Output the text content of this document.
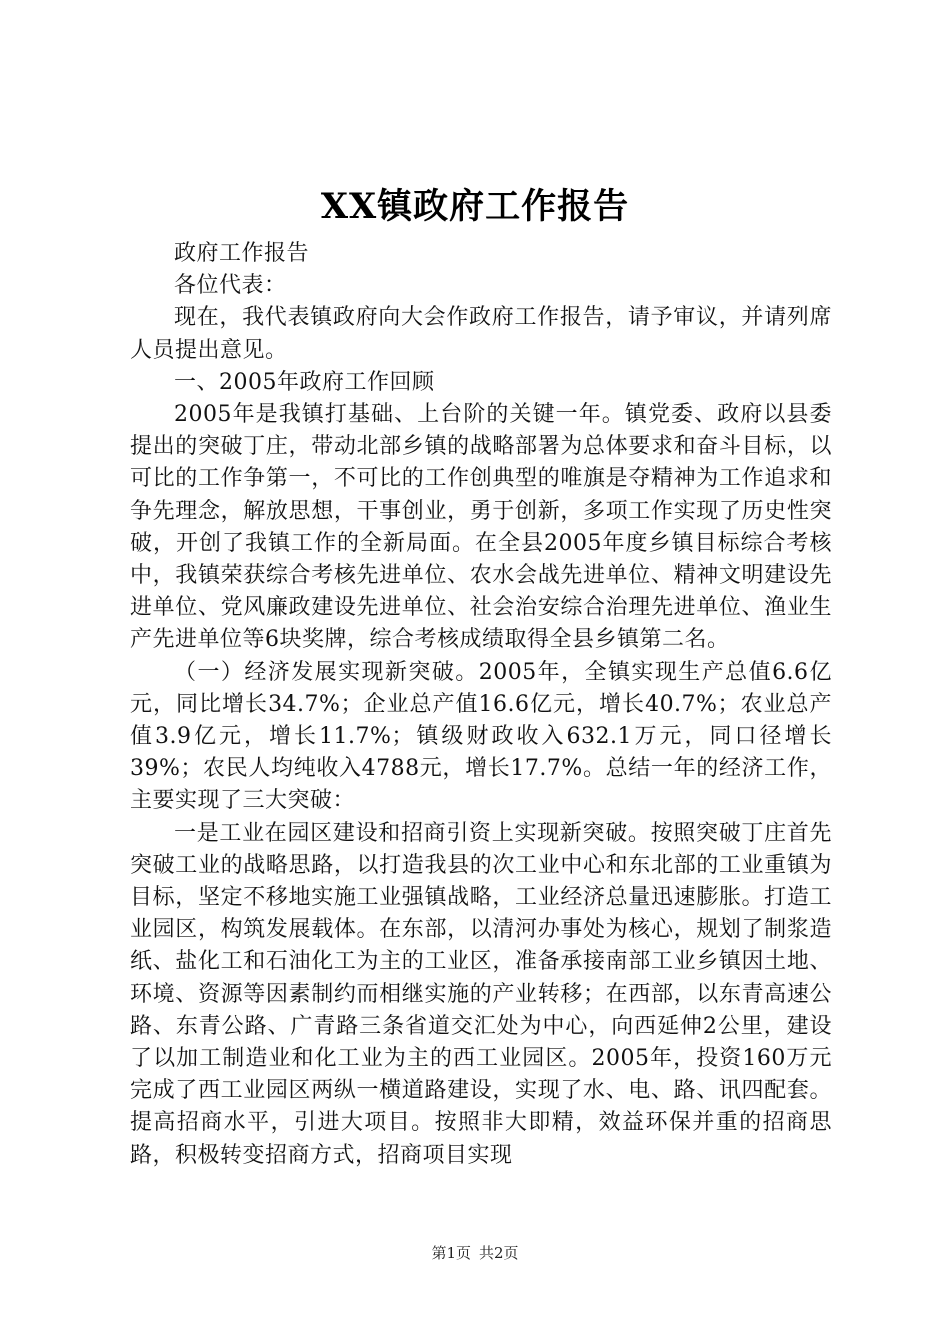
XX镇政府工作报告

政府工作报告

各位代表：

现在，我代表镇政府向大会作政府工作报告，请予审议，并请列席人员提出意见。

一、2005年政府工作回顾

2005年是我镇打基础、上台阶的关键一年。镇党委、政府以县委提出的突破丁庄，带动北部乡镇的战略部署为总体要求和奋斗目标，以可比的工作争第一，不可比的工作创典型的唯旗是夺精神为工作追求和争先理念，解放思想，干事创业，勇于创新，多项工作实现了历史性突破，开创了我镇工作的全新局面。在全县2005年度乡镇目标综合考核中，我镇荣获综合考核先进单位、农水会战先进单位、精神文明建设先进单位、党风廉政建设先进单位、社会治安综合治理先进单位、渔业生产先进单位等6块奖牌，综合考核成绩取得全县乡镇第二名。

（一）经济发展实现新突破。2005年，全镇实现生产总值6.6亿元，同比增长34.7%；企业总产值16.6亿元，增长40.7%；农业总产值3.9亿元，增长11.7%；镇级财政收入632.1万元，同口径增长39%；农民人均纯收入4788元，增长17.7%。总结一年的经济工作，主要实现了三大突破：

一是工业在园区建设和招商引资上实现新突破。按照突破丁庄首先突破工业的战略思路，以打造我县的次工业中心和东北部的工业重镇为目标，坚定不移地实施工业强镇战略，工业经济总量迅速膨胀。打造工业园区，构筑发展载体。在东部，以清河办事处为核心，规划了制浆造纸、盐化工和石油化工为主的工业区，准备承接南部工业乡镇因土地、环境、资源等因素制约而相继实施的产业转移；在西部，以东青高速公路、东青公路、广青路三条省道交汇处为中心，向西延伸2公里，建设了以加工制造业和化工业为主的西工业园区。2005年，投资160万元完成了西工业园区两纵一横道路建设，实现了水、电、路、讯四配套。提高招商水平，引进大项目。按照非大即精，效益环保并重的招商思路，积极转变招商方式，招商项目实现

第1页 共2页
